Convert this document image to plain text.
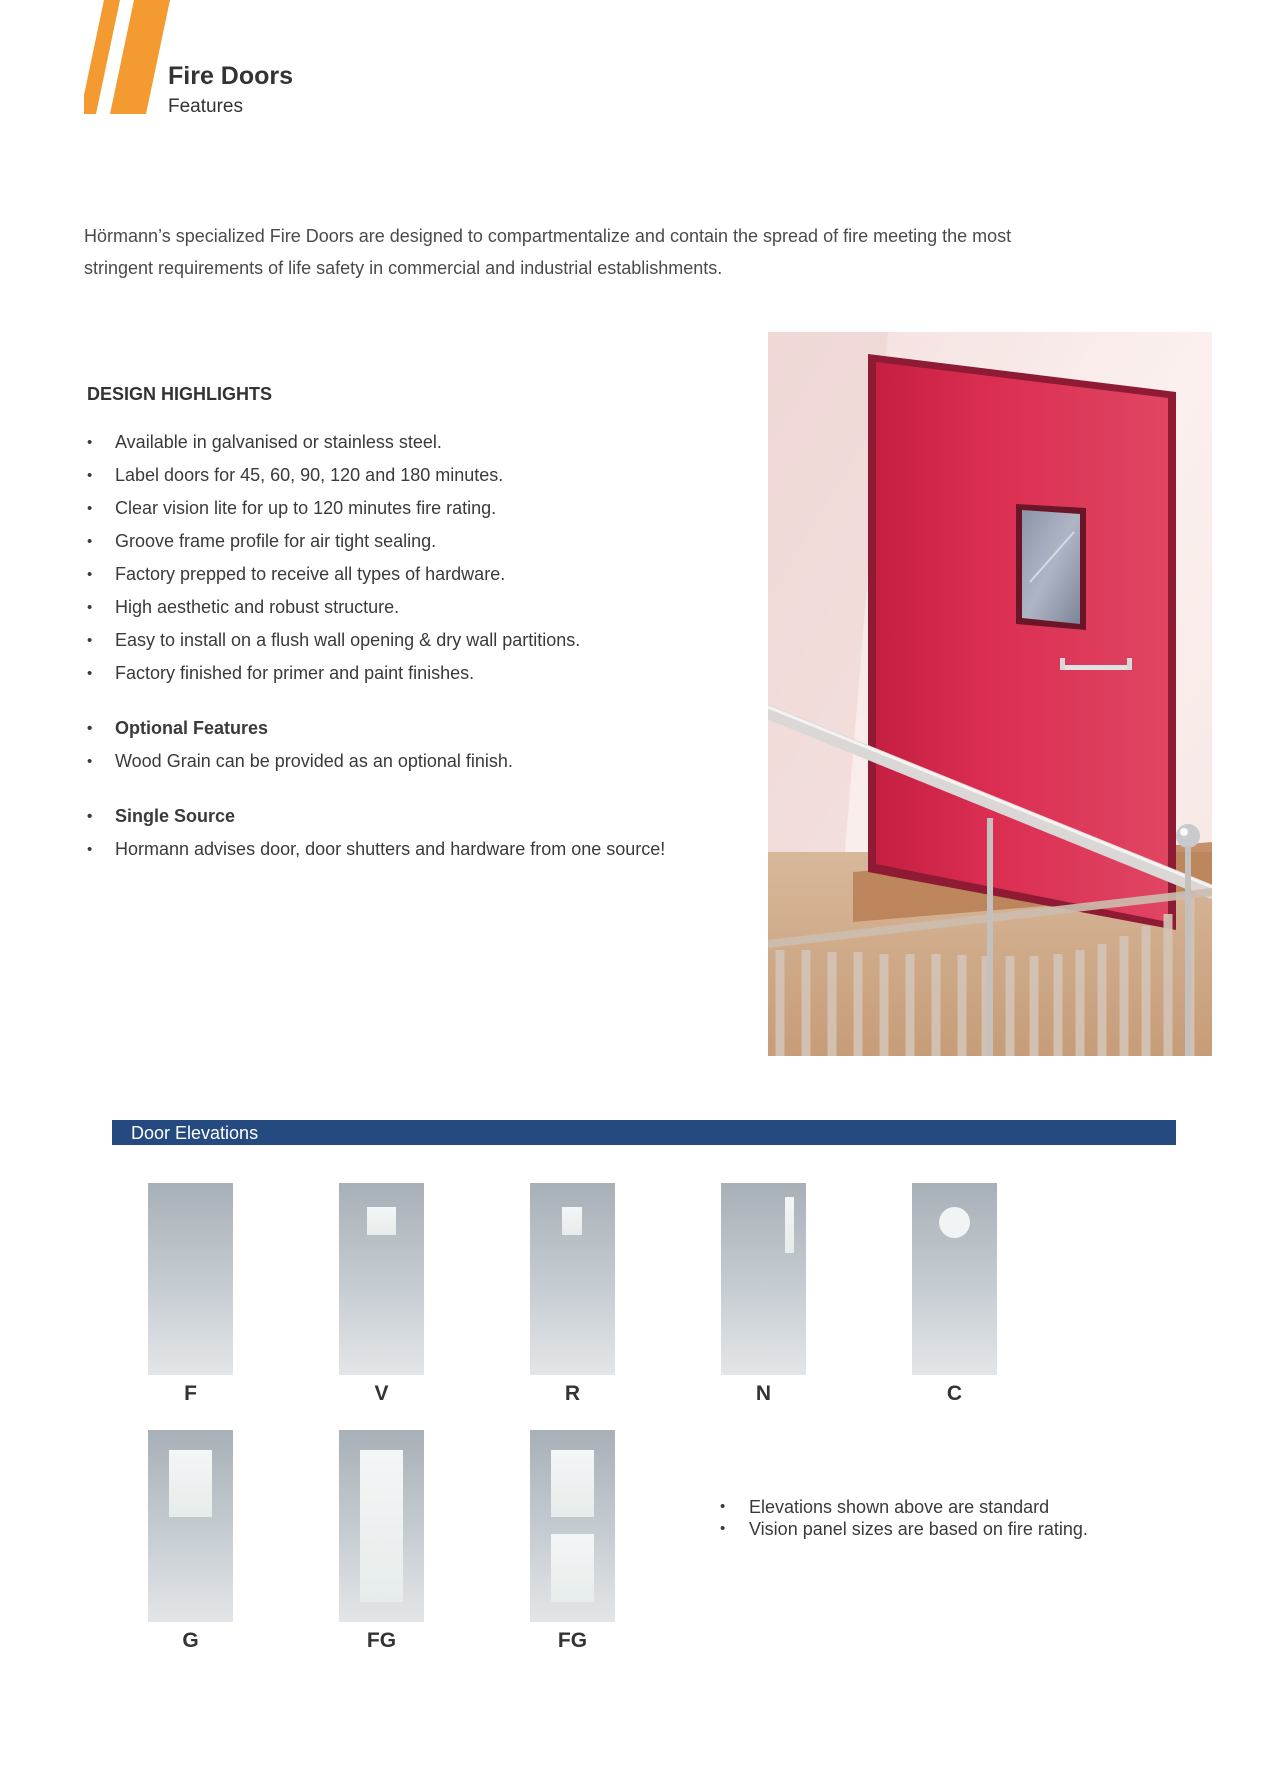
Fire Doors
Features

Hörmann’s specialized Fire Doors are designed to compartmentalize and contain the spread of fire meeting the most

stringent requirements of life safety in commercial and industrial establishments.

DESIGN HIGHLIGHTS
• Available in galvanised or stainless steel.
• Label doors for 45, 60, 90, 120 and 180 minutes.
• Clear vision lite for up to 120 minutes fire rating.
• Groove frame profile for air tight sealing.
• Factory prepped to receive all types of hardware.
• High aesthetic and robust structure.
• Easy to install on a flush wall opening & dry wall partitions.
• Factory finished for primer and paint finishes.
• Optional Features
• Wood Grain can be provided as an optional finish.
• Single Source
• Hormann advises door, door shutters and hardware from one source!
Door Elevations
F	V	R	N	C
G	FG	FG
• Elevations shown above are standard
• Vision panel sizes are based on fire rating.
